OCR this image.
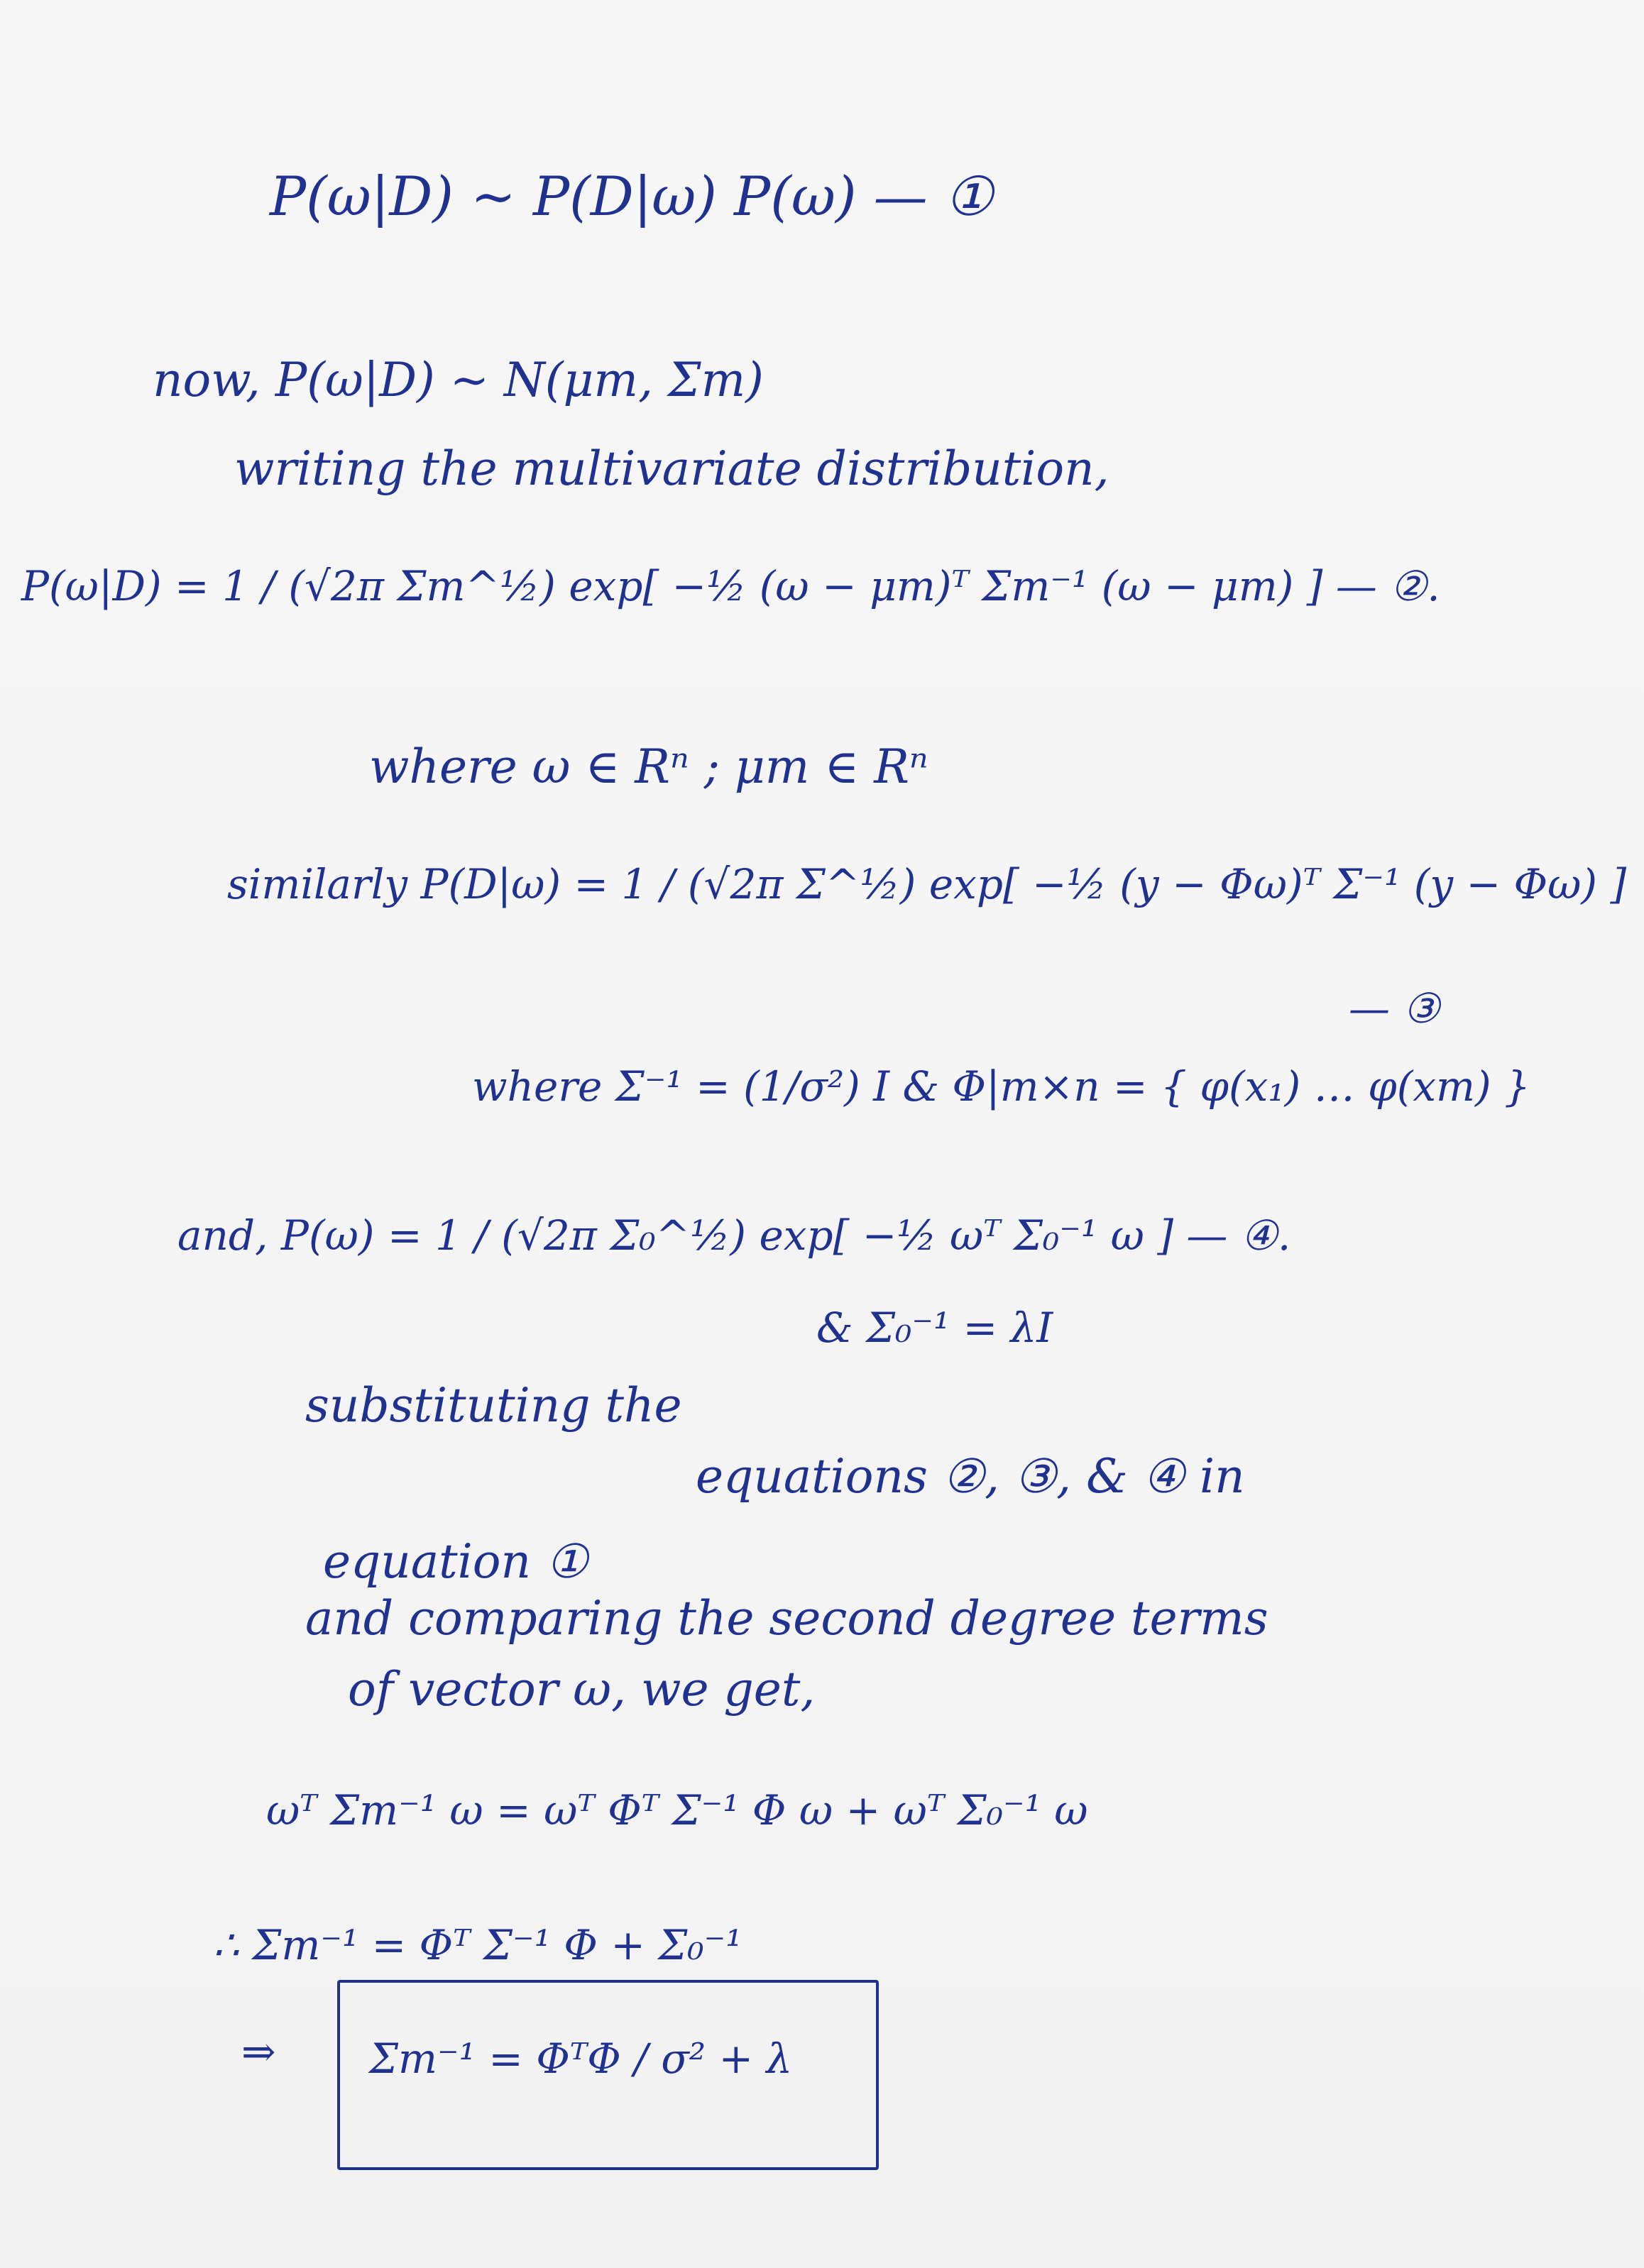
P(ω|D) ∼ P(D|ω) P(ω) — ①
now, P(ω|D) ∼ N(μm, Σm)
writing the multivariate distribution,
P(ω|D) = 1 / (√2π Σm^½) exp[ −½ (ω − μm)ᵀ Σm⁻¹ (ω − μm) ] — ②.
where ω ∈ Rⁿ ; μm ∈ Rⁿ
similarly P(D|ω) = 1 / (√2π Σ^½) exp[ −½ (y − Φω)ᵀ Σ⁻¹ (y − Φω) ]
— ③
where Σ⁻¹ = (1/σ²) I & Φ|m×n = { φ(x₁) … φ(xm) }
and, P(ω) = 1 / (√2π Σ₀^½) exp[ −½ ωᵀ Σ₀⁻¹ ω ] — ④.
& Σ₀⁻¹ = λI
substituting the
equations ②, ③, & ④ in
equation ①
and comparing the second degree terms
of vector ω, we get,
ωᵀ Σm⁻¹ ω = ωᵀ Φᵀ Σ⁻¹ Φ ω + ωᵀ Σ₀⁻¹ ω
∴ Σm⁻¹ = Φᵀ Σ⁻¹ Φ + Σ₀⁻¹
⇒ Σm⁻¹ = ΦᵀΦ / σ² + λ
